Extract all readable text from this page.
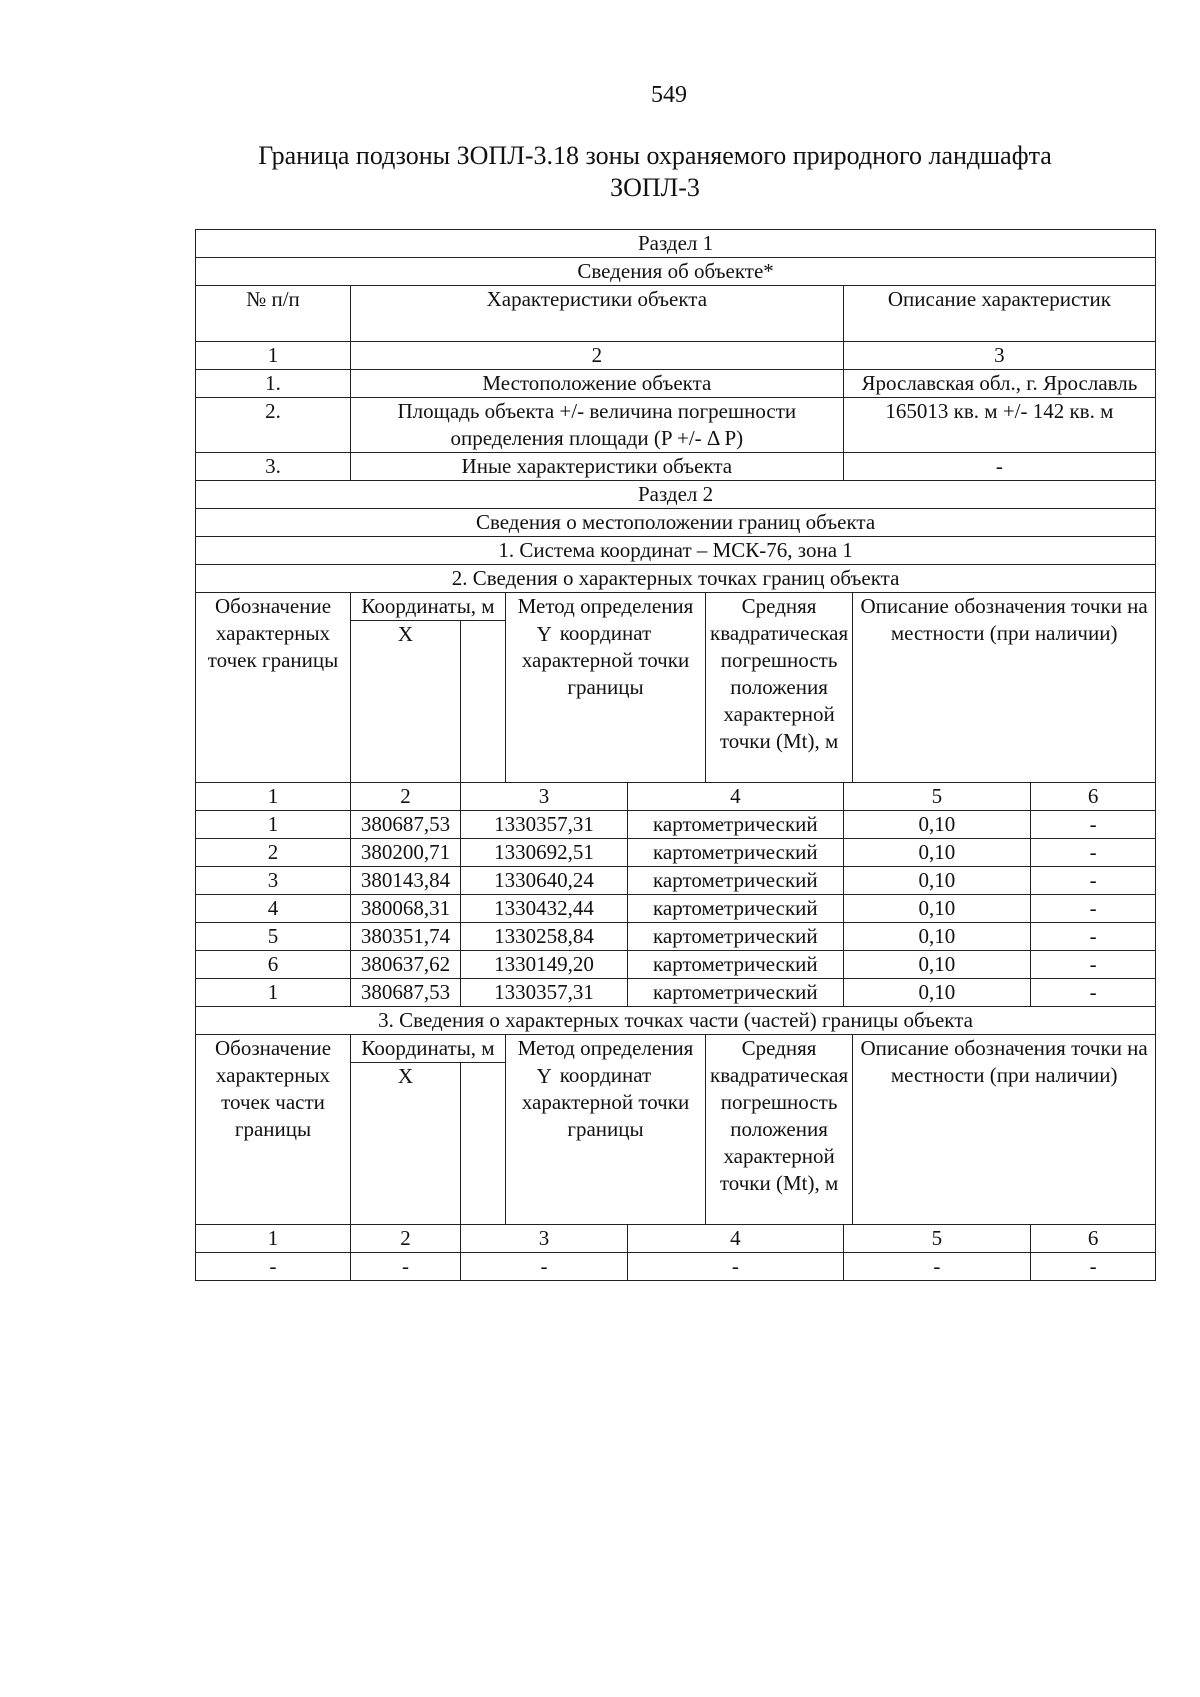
549
Граница подзоны ЗОПЛ-3.18 зоны охраняемого природного ландшафта
ЗОПЛ-3
Раздел 1								
Сведения об объекте*								
№ п/п	Характеристики объекта					Описание характеристик		
1	2					3		
1.	Местоположение объекта					Ярославская обл., г. Ярославль		
2.	Площадь объекта +/- величина погрешности определения площади (P +/- Δ P)					165013 кв. м +/- 142 кв. м		
3.	Иные характеристики объекта					-		
Раздел 2								
Сведения о местоположении границ объекта								
1. Система координат – МСК-76, зона 1								
2. Сведения о характерных точках границ объекта								
Обозначение характерных точек границы	Координаты, м		Метод определения координат характерной точки границы		Средняя квадратическая погрешность положения характерной точки (Mt), м		Описание обозначения точки на местности (при наличии)	
	X	Y						
1	2	3		4		5		6
1	380687,53	1330357,31		картометрический		0,10		-
2	380200,71	1330692,51		картометрический		0,10		-
3	380143,84	1330640,24		картометрический		0,10		-
4	380068,31	1330432,44		картометрический		0,10		-
5	380351,74	1330258,84		картометрический		0,10		-
6	380637,62	1330149,20		картометрический		0,10		-
1	380687,53	1330357,31		картометрический		0,10		-
3. Сведения о характерных точках части (частей) границы объекта								
Обозначение характерных точек части границы	Координаты, м		Метод определения координат характерной точки границы		Средняя квадратическая погрешность положения характерной точки (Mt), м		Описание обозначения точки на местности (при наличии)	
	X	Y						
1	2	3		4		5		6
-	-	-		-		-		-
